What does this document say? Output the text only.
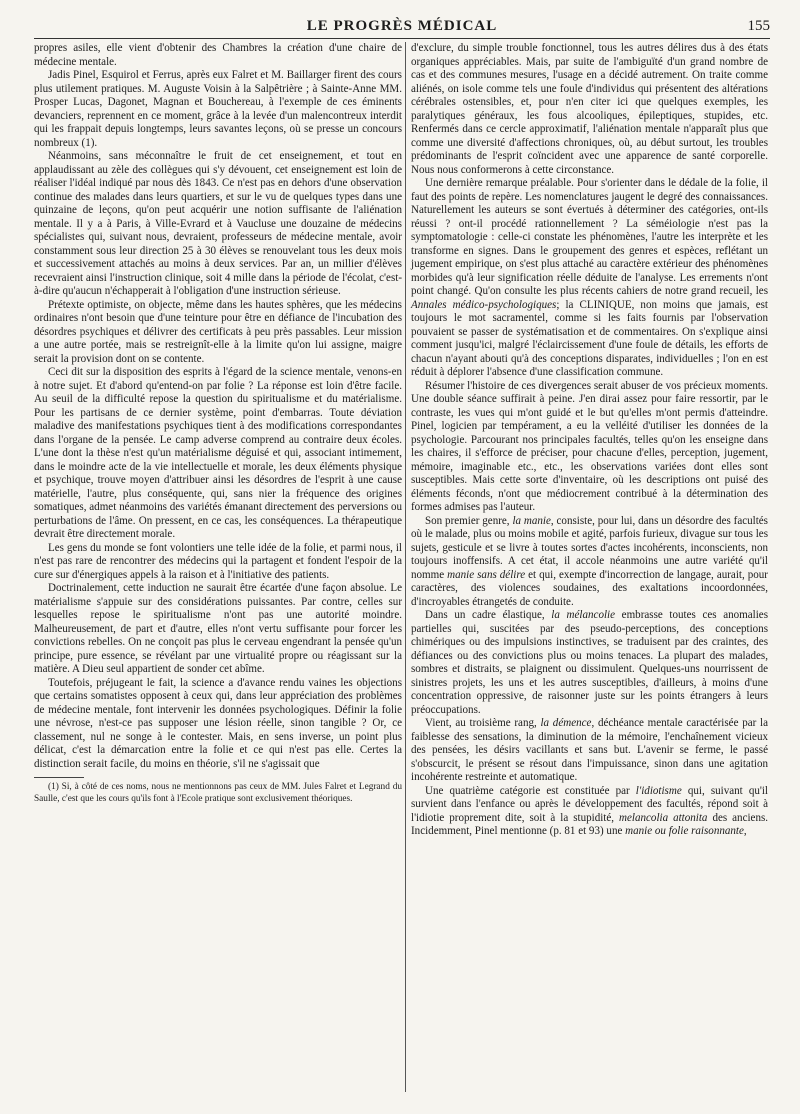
LE PROGRÈS MÉDICAL	155

propres asiles, elle vient d'obtenir des Chambres la création d'une chaire de médecine mentale.

Jadis Pinel, Esquirol et Ferrus, après eux Falret et M. Baillarger firent des cours plus utilement pratiques. M. Auguste Voisin à la Salpêtrière ; à Sainte-Anne MM. Prosper Lucas, Dagonet, Magnan et Bouchereau, à l'exemple de ces éminents devanciers, reprennent en ce moment, grâce à la levée d'un malencontreux interdit qui les frappait depuis longtemps, leurs savantes leçons, où se presse un concours nombreux (1).

Néanmoins, sans méconnaître le fruit de cet enseignement, et tout en applaudissant au zèle des collègues qui s'y dévouent, cet enseignement est loin de réaliser l'idéal indiqué par nous dès 1843. Ce n'est pas en dehors d'une observation continue des malades dans leurs quartiers, et sur le vu de quelques types dans une quinzaine de leçons, qu'on peut acquérir une notion suffisante de l'aliénation mentale. Il y a à Paris, à Ville-Evrard et à Vaucluse une douzaine de médecins spécialistes qui, suivant nous, devraient, professeurs de médecine mentale, avoir constamment sous leur direction 25 à 30 élèves se renouvelant tous les deux mois et successivement attachés au moins à deux services. Par an, un millier d'élèves recevraient ainsi l'instruction clinique, soit 4 mille dans la période de l'écolat, c'est-à-dire qu'aucun n'échapperait à l'obligation d'une instruction sérieuse.

Prétexte optimiste, on objecte, même dans les hautes sphères, que les médecins ordinaires n'ont besoin que d'une teinture pour être en défiance de l'incubation des désordres psychiques et délivrer des certificats à peu près passables. Leur mission a une autre portée, mais se restreignît-elle à la limite qu'on lui assigne, maigre serait la provision dont on se contente.

Ceci dit sur la disposition des esprits à l'égard de la science mentale, venons-en à notre sujet. Et d'abord qu'entend-on par folie ? La réponse est loin d'être facile. Au seuil de la difficulté repose la question du spiritualisme et du matérialisme. Pour les partisans de ce dernier système, point d'embarras. Toute déviation maladive des manifestations psychiques tient à des modifications correspondantes dans l'organe de la pensée. Le camp adverse comprend au contraire deux écoles. L'une dont la thèse n'est qu'un matérialisme déguisé et qui, associant intimement, dans le moindre acte de la vie intellectuelle et morale, les deux éléments physique et psychique, trouve moyen d'attribuer ainsi les désordres de l'esprit à une cause matérielle, l'autre, plus conséquente, qui, sans nier la fréquence des origines somatiques, admet néanmoins des variétés émanant directement des perversions ou perturbations de l'âme. On pressent, en ce cas, les conséquences. La thérapeutique devrait être directement morale.

Les gens du monde se font volontiers une telle idée de la folie, et parmi nous, il n'est pas rare de rencontrer des médecins qui la partagent et fondent l'espoir de la cure sur d'énergiques appels à la raison et à l'initiative des patients.

Doctrinalement, cette induction ne saurait être écartée d'une façon absolue. Le matérialisme s'appuie sur des considérations puissantes. Par contre, celles sur lesquelles repose le spiritualisme n'ont pas une autorité moindre. Malheureusement, de part et d'autre, elles n'ont vertu suffisante pour forcer les convictions rebelles. On ne conçoit pas plus le cerveau engendrant la pensée qu'un principe, pure essence, se révélant par une virtualité propre ou réagissant sur la matière. A Dieu seul appartient de sonder cet abîme.

Toutefois, préjugeant le fait, la science a d'avance rendu vaines les objections que certains somatistes opposent à ceux qui, dans leur appréciation des problèmes de médecine mentale, font intervenir les données psychologiques. Définir la folie une névrose, n'est-ce pas supposer une lésion réelle, sinon tangible ? Or, ce classement, nul ne songe à le contester. Mais, en sens inverse, un point plus délicat, c'est la démarcation entre la folie et ce qui n'est pas elle. Certes la distinction serait facile, du moins en théorie, s'il ne s'agissait que

(1) Si, à côté de ces noms, nous ne mentionnons pas ceux de MM. Jules Falret et Legrand du Saulle, c'est que les cours qu'ils font à l'Ecole pratique sont exclusivement théoriques.

d'exclure, du simple trouble fonctionnel, tous les autres délires dus à des états organiques appréciables. Mais, par suite de l'ambiguïté d'un grand nombre de cas et des communes mesures, l'usage en a décidé autrement. On traite comme aliénés, on isole comme tels une foule d'individus qui présentent des altérations cérébrales ostensibles, et, pour n'en citer ici que quelques exemples, les paralytiques généraux, les fous alcooliques, épileptiques, stupides, etc. Renfermés dans ce cercle approximatif, l'aliénation mentale n'apparaît plus que comme une diversité d'affections chroniques, où, au début surtout, les troubles prédominants de l'esprit coïncident avec une apparence de santé corporelle. Nous nous conformerons à cette circonstance.

Une dernière remarque préalable. Pour s'orienter dans le dédale de la folie, il faut des points de repère. Les nomenclatures jaugent le degré des connaissances. Naturellement les auteurs se sont évertués à déterminer des catégories, ont-ils réussi ? ont-il procédé rationnellement ? La séméiologie n'est pas la symptomatologie : celle-ci constate les phénomènes, l'autre les interprète et les transforme en signes. Dans le groupement des genres et espèces, reflétant un jugement empirique, on s'est plus attaché au caractère extérieur des phénomènes morbides qu'à leur signification réelle déduite de l'analyse. Les errements n'ont point changé. Qu'on consulte les plus récents cahiers de notre grand recueil, les Annales médico-psychologiques; la CLINIQUE, non moins que jamais, est toujours le mot sacramentel, comme si les faits fournis par l'observation pouvaient se passer de systématisation et de commentaires. On s'explique ainsi comment jusqu'ici, malgré l'éclaircissement d'une foule de détails, les efforts de chacun n'ayant abouti qu'à des conceptions disparates, individuelles ; l'on en est réduit à déplorer l'absence d'une classification commune.

Résumer l'histoire de ces divergences serait abuser de vos précieux moments. Une double séance suffirait à peine. J'en dirai assez pour faire ressortir, par le contraste, les vues qui m'ont guidé et le but qu'elles m'ont permis d'atteindre. Pinel, logicien par tempérament, a eu la velléité d'utiliser les données de la psychologie. Parcourant nos principales facultés, telles qu'on les enseigne dans les chaires, il s'efforce de préciser, pour chacune d'elles, perception, jugement, mémoire, imaginable etc., etc., les observations variées dont elles sont susceptibles. Mais cette sorte d'inventaire, où les descriptions ont puisé des éléments féconds, n'ont que médiocrement contribué à la détermination des formes admises pas l'auteur.

Son premier genre, la manie, consiste, pour lui, dans un désordre des facultés où le malade, plus ou moins mobile et agité, parfois furieux, divague sur tous les sujets, gesticule et se livre à toutes sortes d'actes incohérents, inconscients, non toujours inoffensifs. A cet état, il accole néanmoins une autre variété qu'il nomme manie sans délire et qui, exempte d'incorrection de langage, aurait, pour caractères, des violences soudaines, des exaltations incoordonnées, d'incroyables étrangetés de conduite.

Dans un cadre élastique, la mélancolie embrasse toutes ces anomalies partielles qui, suscitées par des pseudo-perceptions, des conceptions chimériques ou des impulsions instinctives, se traduisent par des craintes, des défiances ou des convictions plus ou moins tenaces. La plupart des malades, sombres et distraits, se plaignent ou dissimulent. Quelques-uns nourrissent de sinistres projets, les uns et les autres susceptibles, d'ailleurs, à moins d'une concentration oppressive, de raisonner juste sur les points étrangers à leurs préoccupations.

Vient, au troisième rang, la démence, déchéance mentale caractérisée par la faiblesse des sensations, la diminution de la mémoire, l'enchaînement vicieux des pensées, les désirs vacillants et sans but. L'avenir se ferme, le passé s'obscurcit, le présent se résout dans l'impuissance, sinon dans une agitation incohérente restreinte et automatique.

Une quatrième catégorie est constituée par l'idiotisme qui, suivant qu'il survient dans l'enfance ou après le développement des facultés, répond soit à l'idiotie proprement dite, soit à la stupidité, melancolia attonita des anciens. Incidemment, Pinel mentionne (p. 81 et 93) une manie ou folie raisonnante,
